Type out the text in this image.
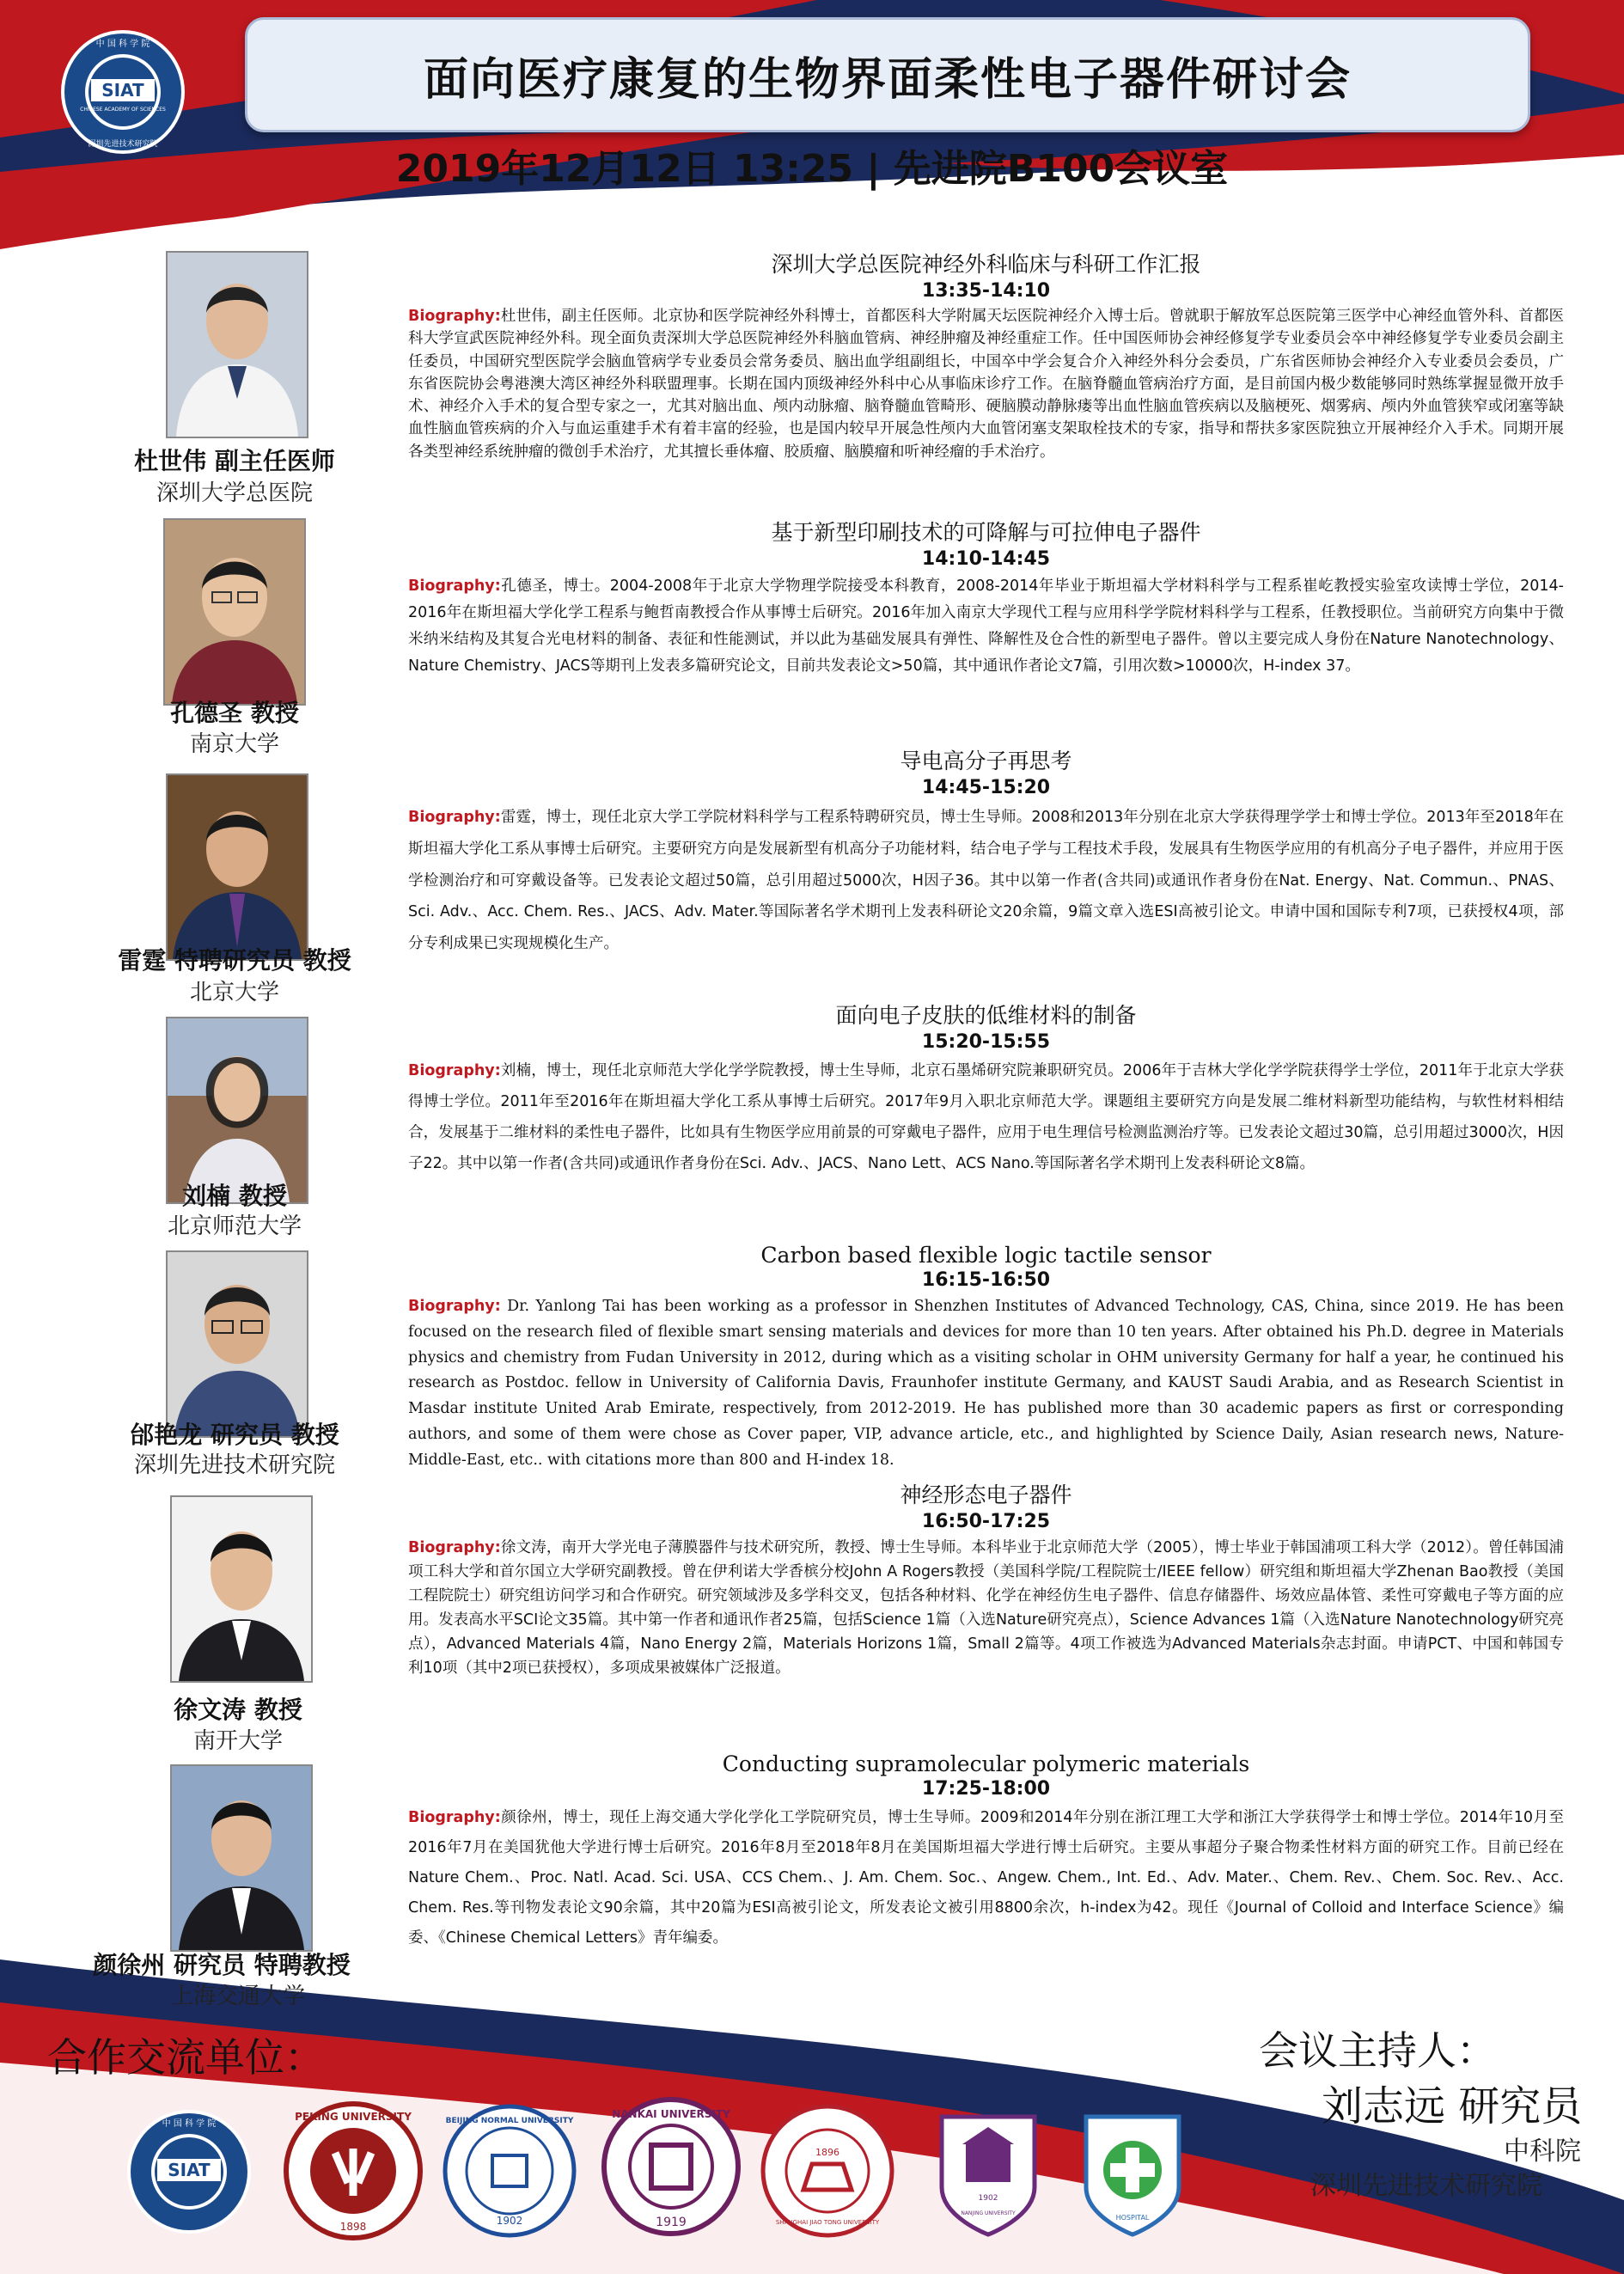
SIAT
CHINESE ACADEMY OF SCIENCES
中 国 科 学 院
深圳先进技术研究院
面向医疗康复的生物界面柔性电子器件研讨会
2019年12月12日 13:25 | 先进院B100会议室
杜世伟 副主任医师
深圳大学总医院
孔德圣 教授
南京大学
雷霆 特聘研究员 教授
北京大学
刘楠 教授
北京师范大学
邰艳龙 研究员 教授
深圳先进技术研究院
徐文涛 教授
南开大学
颜徐州 研究员 特聘教授
上海交通大学
深圳大学总医院神经外科临床与科研工作汇报
13:35-14:10
Biography:杜世伟，副主任医师。北京协和医学院神经外科博士，首都医科大学附属天坛医院神经介入博士后。曾就职于解放军总医院第三医学中心神经血管外科、首都医科大学宣武医院神经外科。现全面负责深圳大学总医院神经外科脑血管病、神经肿瘤及神经重症工作。任中国医师协会神经修复学专业委员会卒中神经修复学专业委员会副主任委员，中国研究型医院学会脑血管病学专业委员会常务委员、脑出血学组副组长，中国卒中学会复合介入神经外科分会委员，广东省医师协会神经介入专业委员会委员，广东省医院协会粤港澳大湾区神经外科联盟理事。长期在国内顶级神经外科中心从事临床诊疗工作。在脑脊髓血管病治疗方面，是目前国内极少数能够同时熟练掌握显微开放手术、神经介入手术的复合型专家之一，尤其对脑出血、颅内动脉瘤、脑脊髓血管畸形、硬脑膜动静脉瘘等出血性脑血管疾病以及脑梗死、烟雾病、颅内外血管狭窄或闭塞等缺血性脑血管疾病的介入与血运重建手术有着丰富的经验，也是国内较早开展急性颅内大血管闭塞支架取栓技术的专家，指导和帮扶多家医院独立开展神经介入手术。同期开展各类型神经系统肿瘤的微创手术治疗，尤其擅长垂体瘤、胶质瘤、脑膜瘤和听神经瘤的手术治疗。
基于新型印刷技术的可降解与可拉伸电子器件
14:10-14:45
Biography:孔德圣，博士。2004-2008年于北京大学物理学院接受本科教育，2008-2014年毕业于斯坦福大学材料科学与工程系崔屹教授实验室攻读博士学位，2014-2016年在斯坦福大学化学工程系与鲍哲南教授合作从事博士后研究。2016年加入南京大学现代工程与应用科学学院材料科学与工程系，任教授职位。当前研究方向集中于微米纳米结构及其复合光电材料的制备、表征和性能测试，并以此为基础发展具有弹性、降解性及仓合性的新型电子器件。曾以主要完成人身份在Nature Nanotechnology、Nature Chemistry、JACS等期刊上发表多篇研究论文，目前共发表论文>50篇，其中通讯作者论文7篇，引用次数>10000次，H-index 37。
导电高分子再思考
14:45-15:20
Biography:雷霆，博士，现任北京大学工学院材料科学与工程系特聘研究员，博士生导师。2008和2013年分别在北京大学获得理学学士和博士学位。2013年至2018年在斯坦福大学化工系从事博士后研究。主要研究方向是发展新型有机高分子功能材料，结合电子学与工程技术手段，发展具有生物医学应用的有机高分子电子器件，并应用于医学检测治疗和可穿戴设备等。已发表论文超过50篇，总引用超过5000次，H因子36。其中以第一作者(含共同)或通讯作者身份在Nat. Energy、Nat. Commun.、PNAS、Sci. Adv.、Acc. Chem. Res.、JACS、Adv. Mater.等国际著名学术期刊上发表科研论文20余篇，9篇文章入选ESI高被引论文。申请中国和国际专利7项，已获授权4项，部分专利成果已实现规模化生产。
面向电子皮肤的低维材料的制备
15:20-15:55
Biography:刘楠，博士，现任北京师范大学化学学院教授，博士生导师，北京石墨烯研究院兼职研究员。2006年于吉林大学化学学院获得学士学位，2011年于北京大学获得博士学位。2011年至2016年在斯坦福大学化工系从事博士后研究。2017年9月入职北京师范大学。课题组主要研究方向是发展二维材料新型功能结构，与软性材料相结合，发展基于二维材料的柔性电子器件，比如具有生物医学应用前景的可穿戴电子器件，应用于电生理信号检测监测治疗等。已发表论文超过30篇，总引用超过3000次，H因子22。其中以第一作者(含共同)或通讯作者身份在Sci. Adv.、JACS、Nano Lett、ACS Nano.等国际著名学术期刊上发表科研论文8篇。
Carbon based flexible logic tactile sensor
16:15-16:50
Biography: Dr. Yanlong Tai has been working as a professor in Shenzhen Institutes of Advanced Technology, CAS, China, since 2019. He has been focused on the research filed of flexible smart sensing materials and devices for more than 10 ten years. After obtained his Ph.D. degree in Materials physics and chemistry from Fudan University in 2012, during which as a visiting scholar in OHM university Germany for half a year, he continued his research as Postdoc. fellow in University of California Davis, Fraunhofer institute Germany, and KAUST Saudi Arabia, and as Research Scientist in Masdar institute United Arab Emirate, respectively, from 2012-2019. He has published more than 30 academic papers as first or corresponding authors, and some of them were chose as Cover paper, VIP, advance article, etc., and highlighted by Science Daily, Asian research news, Nature-Middle-East, etc.. with citations more than 800 and H-index 18.
神经形态电子器件
16:50-17:25
Biography:徐文涛，南开大学光电子薄膜器件与技术研究所，教授、博士生导师。本科毕业于北京师范大学（2005），博士毕业于韩国浦项工科大学（2012）。曾任韩国浦项工科大学和首尔国立大学研究副教授。曾在伊利诺大学香槟分校John A Rogers教授（美国科学院/工程院院士/IEEE fellow）研究组和斯坦福大学Zhenan Bao教授（美国工程院院士）研究组访问学习和合作研究。研究领域涉及多学科交叉，包括各种材料、化学在神经仿生电子器件、信息存储器件、场效应晶体管、柔性可穿戴电子等方面的应用。发表高水平SCI论文35篇。其中第一作者和通讯作者25篇，包括Science 1篇（入选Nature研究亮点），Science Advances 1篇（入选Nature Nanotechnology研究亮点），Advanced Materials 4篇，Nano Energy 2篇，Materials Horizons 1篇，Small 2篇等。4项工作被选为Advanced Materials杂志封面。申请PCT、中国和韩国专利10项（其中2项已获授权），多项成果被媒体广泛报道。
Conducting supramolecular polymeric materials
17:25-18:00
Biography:颜徐州，博士，现任上海交通大学化学化工学院研究员，博士生导师。2009和2014年分别在浙江理工大学和浙江大学获得学士和博士学位。2014年10月至2016年7月在美国犹他大学进行博士后研究。2016年8月至2018年8月在美国斯坦福大学进行博士后研究。主要从事超分子聚合物柔性材料方面的研究工作。目前已经在Nature Chem.、Proc. Natl. Acad. Sci. USA、CCS Chem.、J. Am. Chem. Soc.、Angew. Chem., Int. Ed.、Adv. Mater.、Chem. Rev.、Chem. Soc. Rev.、Acc. Chem. Res.等刊物发表论文90余篇，其中20篇为ESI高被引论文，所发表论文被引用8800余次，h-index为42。现任《Journal of Colloid and Interface Science》编委、《Chinese Chemical Letters》青年编委。
合作交流单位：	会议主持人：
刘志远 研究员
中科院
深圳先进技术研究院
SIAT
中 国 科 学 院
PEKING UNIVERSITY
1898
BEIJING NORMAL UNIVERSITY
1902
NANKAI UNIVERSITY
1919	SHANGHAI JIAO TONG UNIVERSITY
1896
1902
NANJING UNIVERSITY
HOSPITAL
